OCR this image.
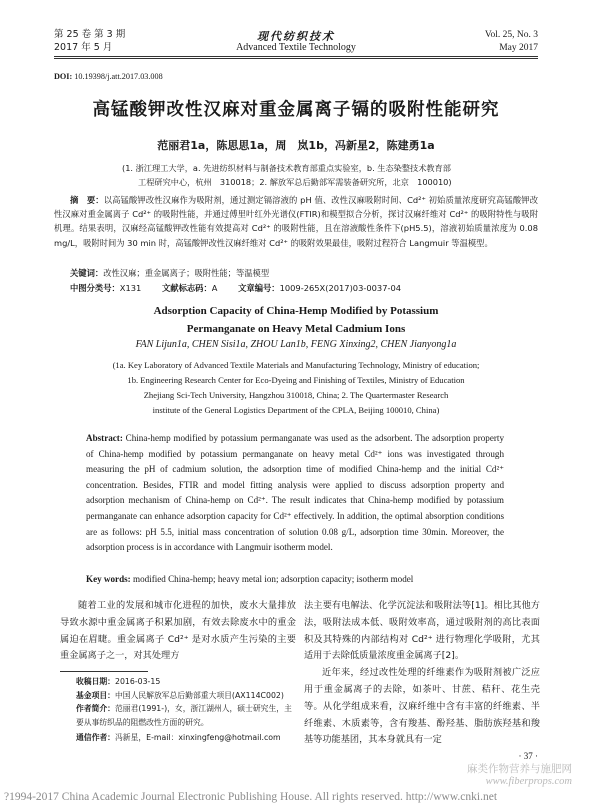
第 25 卷 第 3 期
2017 年 5 月
现代纺织技术
Advanced Textile Technology
Vol. 25, No. 3
May 2017
DOI: 10.19398/j.att.2017.03.008
高锰酸钾改性汉麻对重金属离子镉的吸附性能研究
范丽君1a，陈思思1a，周　岚1b，冯新星2，陈建勇1a
(1. 浙江理工大学，a. 先进纺织材料与制备技术教育部重点实验室，b. 生态染整技术教育部
工程研究中心，杭州　310018；2. 解放军总后勤部军需装备研究所，北京　100010)
摘　要：以高锰酸钾改性汉麻作为吸附剂，通过测定镉溶液的 pH 值、改性汉麻吸附时间、Cd²⁺ 初始质量浓度研究高锰酸钾改性汉麻对重金属离子 Cd²⁺ 的吸附性能，并通过傅里叶红外光谱仪(FTIR)和模型拟合分析，探讨汉麻纤维对 Cd²⁺ 的吸附特性与吸附机理。结果表明，汉麻经高锰酸钾改性能有效提高对 Cd²⁺ 的吸附性能，且在溶液酸性条件下(pH5.5)，溶液初始质量浓度为 0.08 mg/L，吸附时间为 30 min 时，高锰酸钾改性汉麻纤维对 Cd²⁺ 的吸附效果最佳，吸附过程符合 Langmuir 等温模型。
关键词：改性汉麻；重金属离子；吸附性能；等温模型
中图分类号：X131 文献标志码：A 文章编号：1009-265X(2017)03-0037-04
Adsorption Capacity of China-Hemp Modified by Potassium
Permanganate on Heavy Metal Cadmium Ions
FAN Lijun1a, CHEN Sisi1a, ZHOU Lan1b, FENG Xinxing2, CHEN Jianyong1a
(1a. Key Laboratory of Advanced Textile Materials and Manufacturing Technology, Ministry of education;
1b. Engineering Research Center for Eco-Dyeing and Finishing of Textiles, Ministry of Education
Zhejiang Sci-Tech University, Hangzhou 310018, China; 2. The Quartermaster Research
institute of the General Logistics Department of the CPLA, Beijing 100010, China)
Abstract: China-hemp modified by potassium permanganate was used as the adsorbent. The adsorption property of China-hemp modified by potassium permanganate on heavy metal Cd²⁺ ions was investigated through measuring the pH of cadmium solution, the adsorption time of modified China-hemp and the initial Cd²⁺ concentration. Besides, FTIR and model fitting analysis were applied to discuss adsorption property and adsorption mechanism of China-hemp on Cd²⁺. The result indicates that China-hemp modified by potassium permanganate can enhance adsorption capacity for Cd²⁺ effectively. In addition, the optimal absorption conditions are as follows: pH 5.5, initial mass concentration of solution 0.08 g/L, adsorption time 30min. Moreover, the adsorption process is in accordance with Langmuir isotherm model.
Key words: modified China-hemp; heavy metal ion; adsorption capacity; isotherm model
随着工业的发展和城市化进程的加快，废水大量排放导致水源中重金属离子积累加剧，有效去除废水中的重金属迫在眉睫。重金属离子 Cd²⁺ 是对水质产生污染的主要重金属离子之一，对其处理方
收稿日期：2016-03-15
基金项目：中国人民解放军总后勤部重大项目(AX114C002)
作者简介：范丽君(1991-)，女，浙江湖州人，硕士研究生，主要从事纺织品的阻燃改性方面的研究。
通信作者：冯新星，E-mail：xinxingfeng@hotmail.com
法主要有电解法、化学沉淀法和吸附法等[1]。相比其他方法，吸附法成本低、吸附效率高，通过吸附剂的高比表面积及其特殊的内部结构对 Cd²⁺ 进行物理化学吸附，尤其适用于去除低质量浓度重金属离子[2]。
近年来，经过改性处理的纤维素作为吸附剂被广泛应用于重金属离子的去除，如茶叶、甘蔗、秸秆、花生壳等。从化学组成来看，汉麻纤维中含有丰富的纤维素、半纤维素、木质素等，含有羧基、酚羟基、脂肪族羟基和羧基等功能基团，其本身就具有一定
· 37 ·
麻类作物营养与施肥网
www.fiberprops.com
?1994-2017 China Academic Journal Electronic Publishing House. All rights reserved. http://www.cnki.net
